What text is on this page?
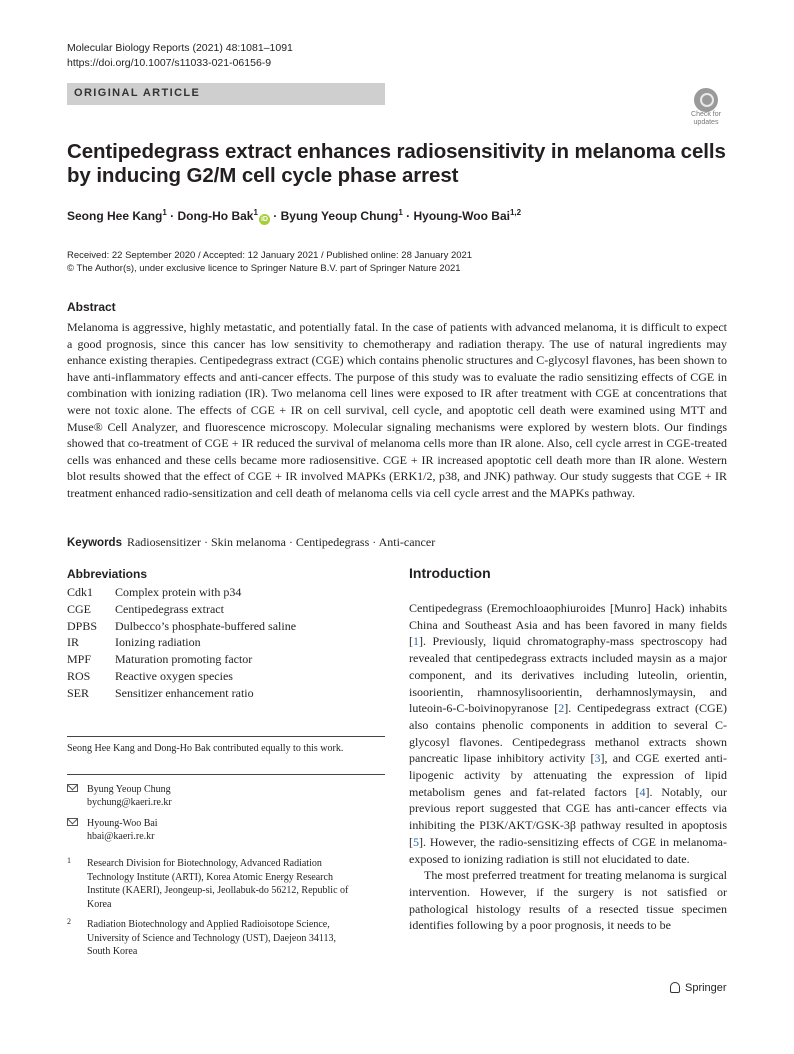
Molecular Biology Reports (2021) 48:1081–1091
https://doi.org/10.1007/s11033-021-06156-9
ORIGINAL ARTICLE
Check for
updates
Centipedegrass extract enhances radiosensitivity in melanoma cells by inducing G2/M cell cycle phase arrest
Seong Hee Kang$^1$ · Dong-Ho Bak$^1$iD · Byung Yeoup Chung$^1$ · Hyoung-Woo Bai$^{1,2}$
Received: 22 September 2020 / Accepted: 12 January 2021 / Published online: 28 January 2021
© The Author(s), under exclusive licence to Springer Nature B.V. part of Springer Nature 2021
Abstract
Melanoma is aggressive, highly metastatic, and potentially fatal. In the case of patients with advanced melanoma, it is difficult to expect a good prognosis, since this cancer has low sensitivity to chemotherapy and radiation therapy. The use of natural ingredients may enhance existing therapies. Centipedegrass extract (CGE) which contains phenolic structures and C-glycosyl flavones, has been shown to have anti-inflammatory effects and anti-cancer effects. The purpose of this study was to evaluate the radio sensitizing effects of CGE in combination with ionizing radiation (IR). Two melanoma cell lines were exposed to IR after treatment with CGE at concentrations that were not toxic alone. The effects of CGE + IR on cell survival, cell cycle, and apoptotic cell death were examined using MTT and Muse® Cell Analyzer, and fluorescence microscopy. Molecular signaling mechanisms were explored by western blots. Our findings showed that co-treatment of CGE + IR reduced the survival of melanoma cells more than IR alone. Also, cell cycle arrest in CGE-treated cells was enhanced and these cells became more radiosensitive. CGE + IR increased apoptotic cell death more than IR alone. Western blot results showed that the effect of CGE + IR involved MAPKs (ERK1/2, p38, and JNK) pathway. Our study suggests that CGE + IR treatment enhanced radio-sensitization and cell death of melanoma cells via cell cycle arrest and the MAPKs pathway.
Keywords Radiosensitizer · Skin melanoma · Centipedegrass · Anti-cancer
Abbreviations
Cdk1 Complex protein with p34
CGE Centipedegrass extract
DPBS Dulbecco’s phosphate-buffered saline
IR	Ionizing radiation
MPF Maturation promoting factor
ROS Reactive oxygen species
SER Sensitizer enhancement ratio
Seong Hee Kang and Dong-Ho Bak contributed equally to this work.
Byung Yeoup Chung
bychung@kaeri.re.kr
Hyoung-Woo Bai
hbai@kaeri.re.kr
1 Research Division for Biotechnology, Advanced Radiation Technology Institute (ARTI), Korea Atomic Energy Research Institute (KAERI), Jeongeup-si, Jeollabuk-do 56212, Republic of Korea
2 Radiation Biotechnology and Applied Radioisotope Science, University of Science and Technology (UST), Daejeon 34113, South Korea
Introduction

Centipedegrass (Eremochloaophiuroides [Munro] Hack) inhabits China and Southeast Asia and has been favored in many fields [1]. Previously, liquid chromatography-mass spectroscopy had revealed that centipedegrass extracts included maysin as a major component, and its derivatives including luteolin, orientin, isoorientin, rhamnosylisoorientin, derhamnoslymaysin, and luteoin-6-C-boivinopyranose [2]. Centipedegrass extract (CGE) also contains phenolic components in addition to several C-glycosyl flavones. Centipedegrass methanol extracts shown pancreatic lipase inhibitory activity [3], and CGE exerted anti-lipogenic activity by attenuating the expression of lipid metabolism genes and fat-related factors [4]. Notably, our previous report suggested that CGE has anti-cancer effects via inhibiting the PI3K/AKT/GSK-3β pathway resulted in apoptosis [5]. However, the radio-sensitizing effects of CGE in melanoma-exposed to ionizing radiation is still not elucidated to date.

The most preferred treatment for treating melanoma is surgical intervention. However, if the surgery is not satisfied or pathological histology results of a resected tissue specimen identifies following by a poor prognosis, it needs to be

Springer
